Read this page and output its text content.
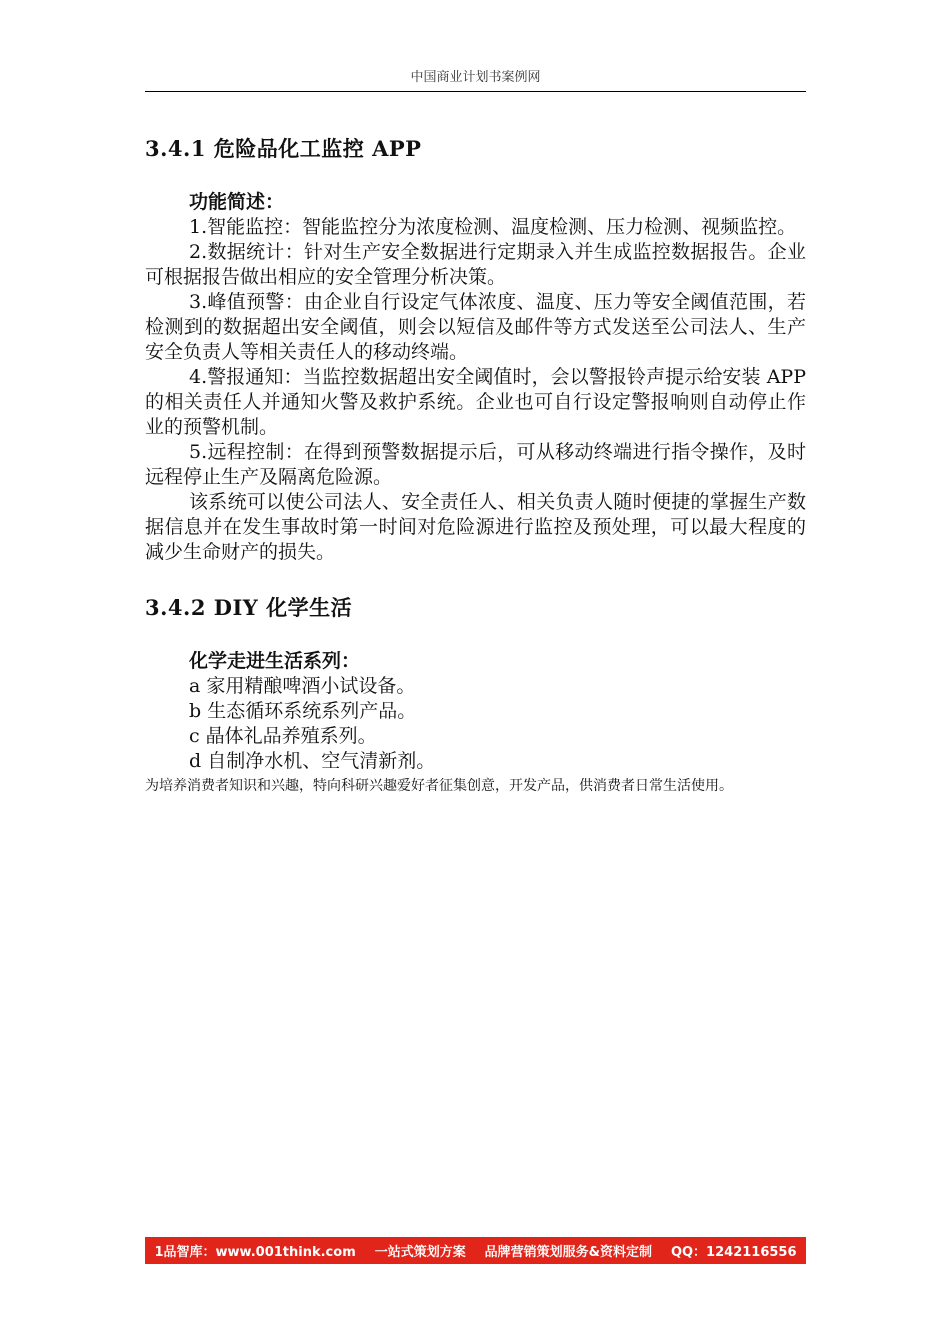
中国商业计划书案例网
3.4.1 危险品化工监控 APP

功能简述：

1.智能监控：智能监控分为浓度检测、温度检测、压力检测、视频监控。

2.数据统计：针对生产安全数据进行定期录入并生成监控数据报告。企业可根据报告做出相应的安全管理分析决策。

3.峰值预警：由企业自行设定气体浓度、温度、压力等安全阈值范围，若检测到的数据超出安全阈值，则会以短信及邮件等方式发送至公司法人、生产安全负责人等相关责任人的移动终端。

4.警报通知：当监控数据超出安全阈值时，会以警报铃声提示给安装 APP 的相关责任人并通知火警及救护系统。企业也可自行设定警报响则自动停止作业的预警机制。

5.远程控制：在得到预警数据提示后，可从移动终端进行指令操作，及时远程停止生产及隔离危险源。

该系统可以使公司法人、安全责任人、相关负责人随时便捷的掌握生产数据信息并在发生事故时第一时间对危险源进行监控及预处理，可以最大程度的减少生命财产的损失。

3.4.2 DIY 化学生活

化学走进生活系列：

a 家用精酿啤酒小试设备。

b 生态循环系统系列产品。

c 晶体礼品养殖系列。

d 自制净水机、空气清新剂。

为培养消费者知识和兴趣，特向科研兴趣爱好者征集创意，开发产品，供消费者日常生活使用。

1品智库：www.001think.com 一站式策划方案 品牌营销策划服务&资料定制 QQ：1242116556
